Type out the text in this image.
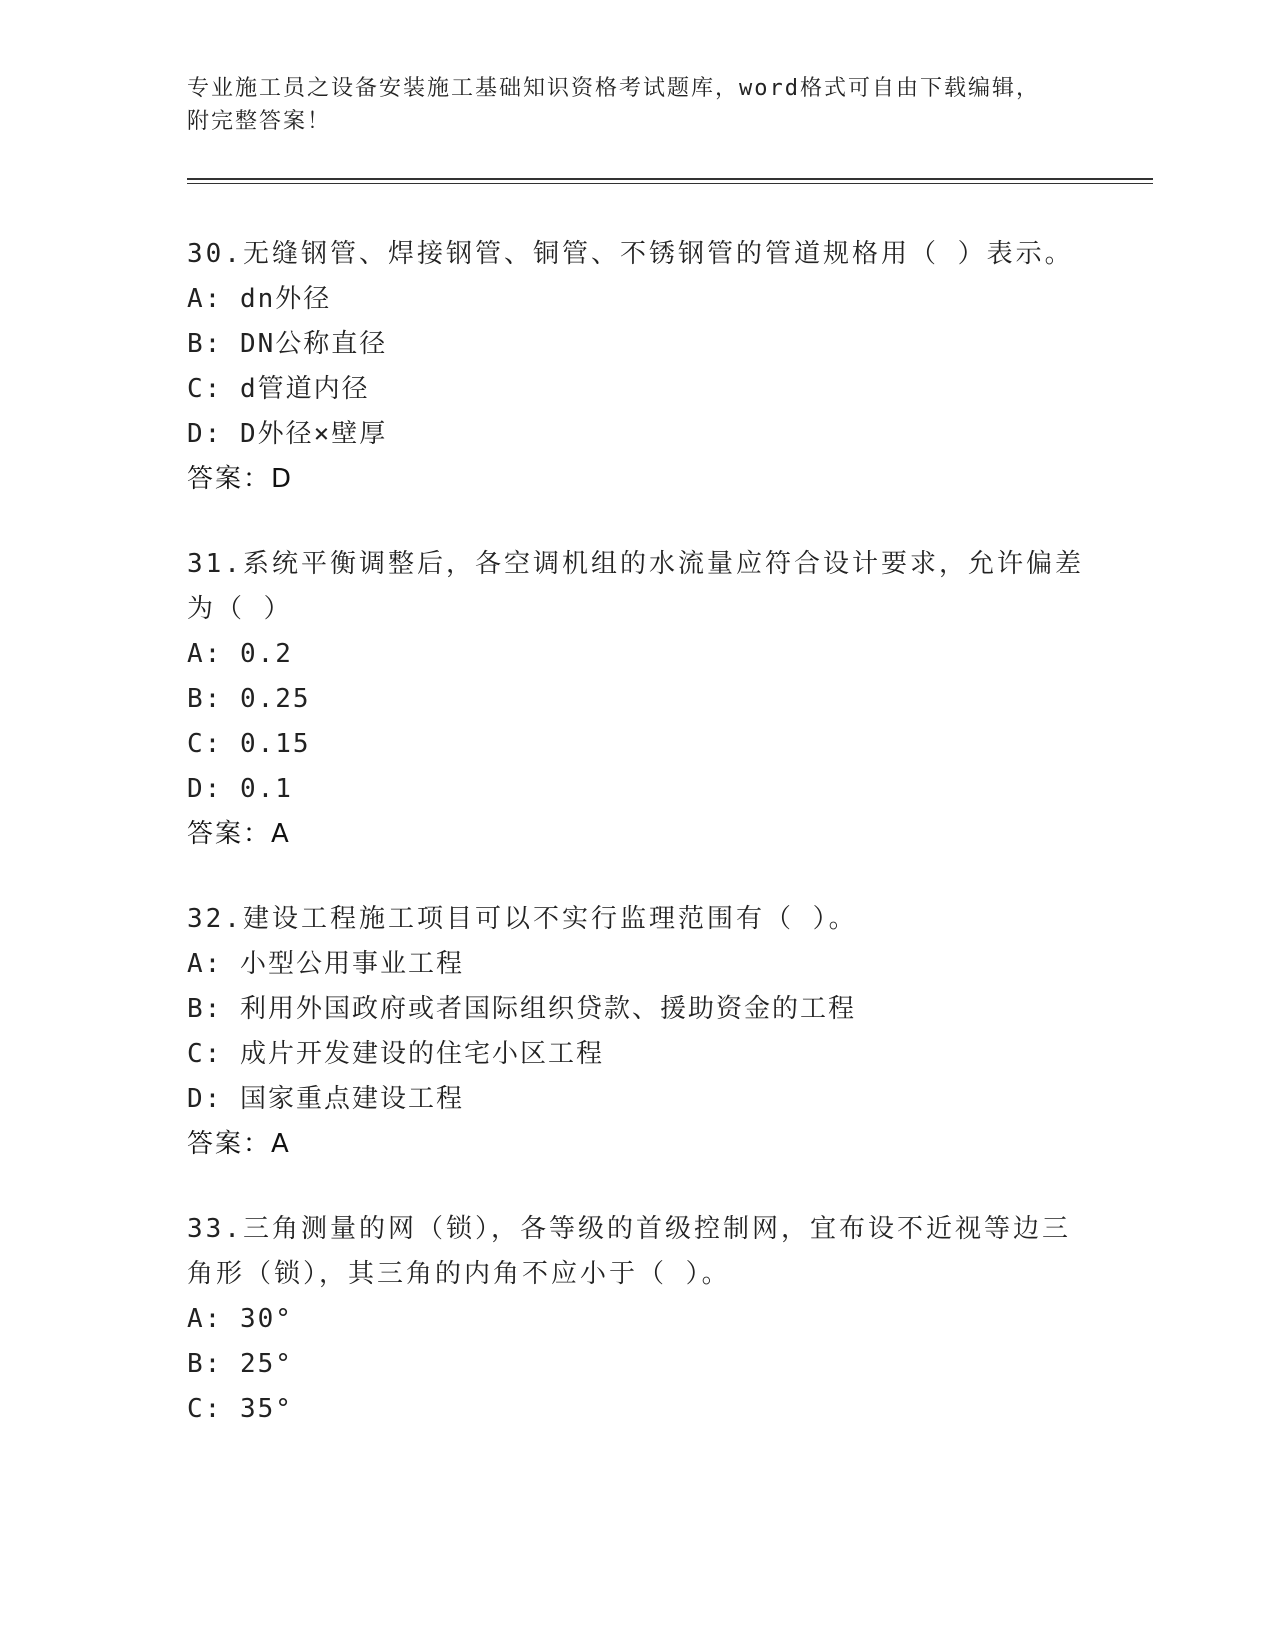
专业施工员之设备安装施工基础知识资格考试题库，word格式可自由下载编辑，
附完整答案！

30.无缝钢管、焊接钢管、铜管、不锈钢管的管道规格用（ ）表示。

A: dn外径

B: DN公称直径

C: d管道内径

D: D外径×壁厚

答案：D

31.系统平衡调整后，各空调机组的水流量应符合设计要求，允许偏差为（ ）

A: 0.2

B: 0.25

C: 0.15

D: 0.1

答案：A

32.建设工程施工项目可以不实行监理范围有（ ）。

A: 小型公用事业工程

B: 利用外国政府或者国际组织贷款、援助资金的工程

C: 成片开发建设的住宅小区工程

D: 国家重点建设工程

答案：A

33.三角测量的网（锁），各等级的首级控制网，宜布设不近视等边三角形（锁），其三角的内角不应小于（ ）。

A: 30°

B: 25°

C: 35°
